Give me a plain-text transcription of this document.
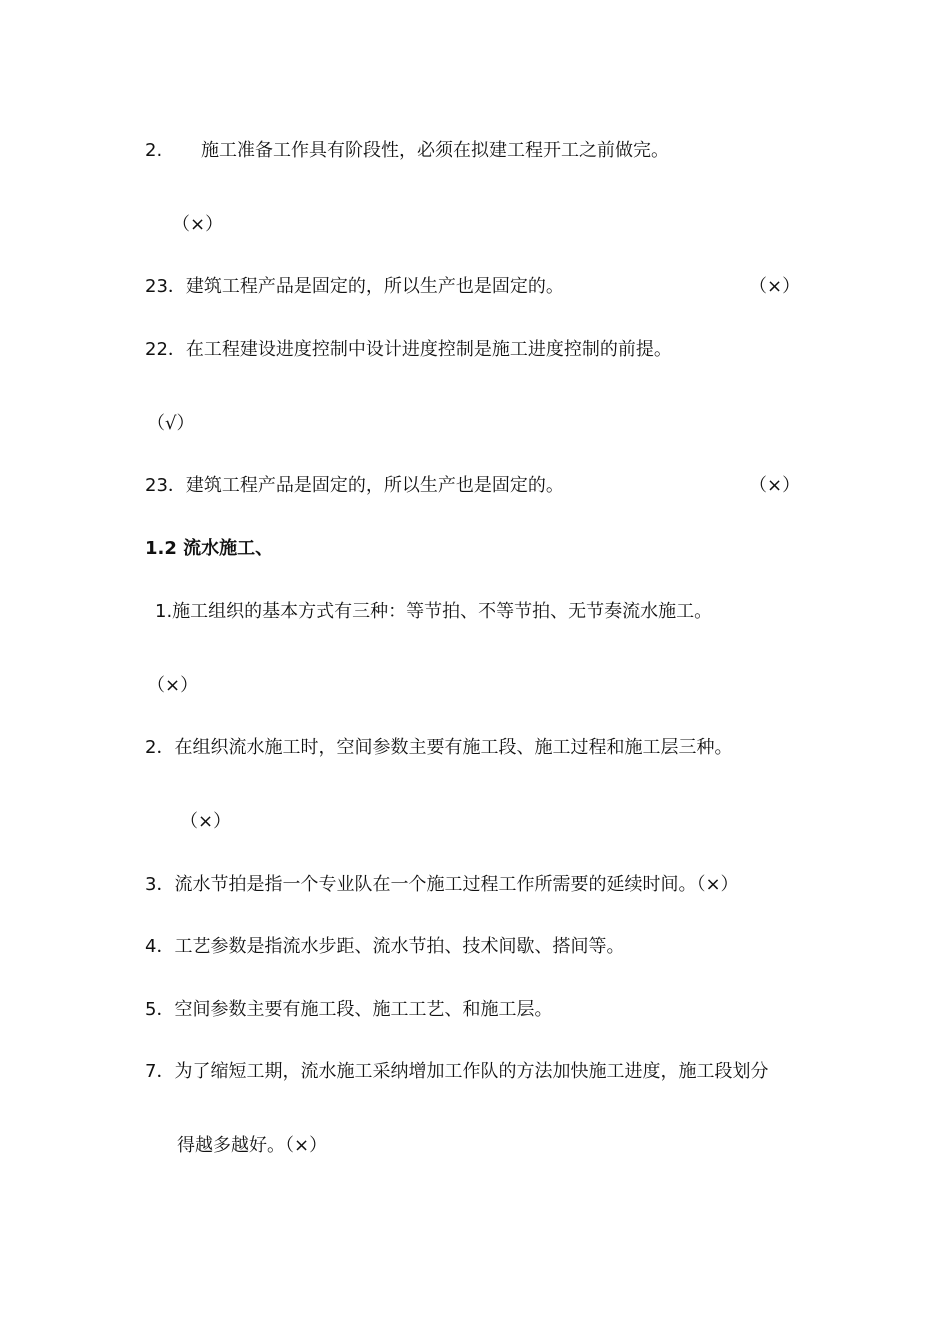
2. 施工准备工作具有阶段性，必须在拟建工程开工之前做完。
（×）
23．建筑工程产品是固定的，所以生产也是固定的。	（×）
22．在工程建设进度控制中设计进度控制是施工进度控制的前提。
（√）
23．建筑工程产品是固定的，所以生产也是固定的。	（×）
1.2 流水施工、
1.施工组织的基本方式有三种：等节拍、不等节拍、无节奏流水施工。
（×）
2．在组织流水施工时，空间参数主要有施工段、施工过程和施工层三种。
（×）
3．流水节拍是指一个专业队在一个施工过程工作所需要的延续时间。（×）
4．工艺参数是指流水步距、流水节拍、技术间歇、搭间等。
5．空间参数主要有施工段、施工工艺、和施工层。
7．为了缩短工期，流水施工采纳增加工作队的方法加快施工进度，施工段划分
得越多越好。（×）
